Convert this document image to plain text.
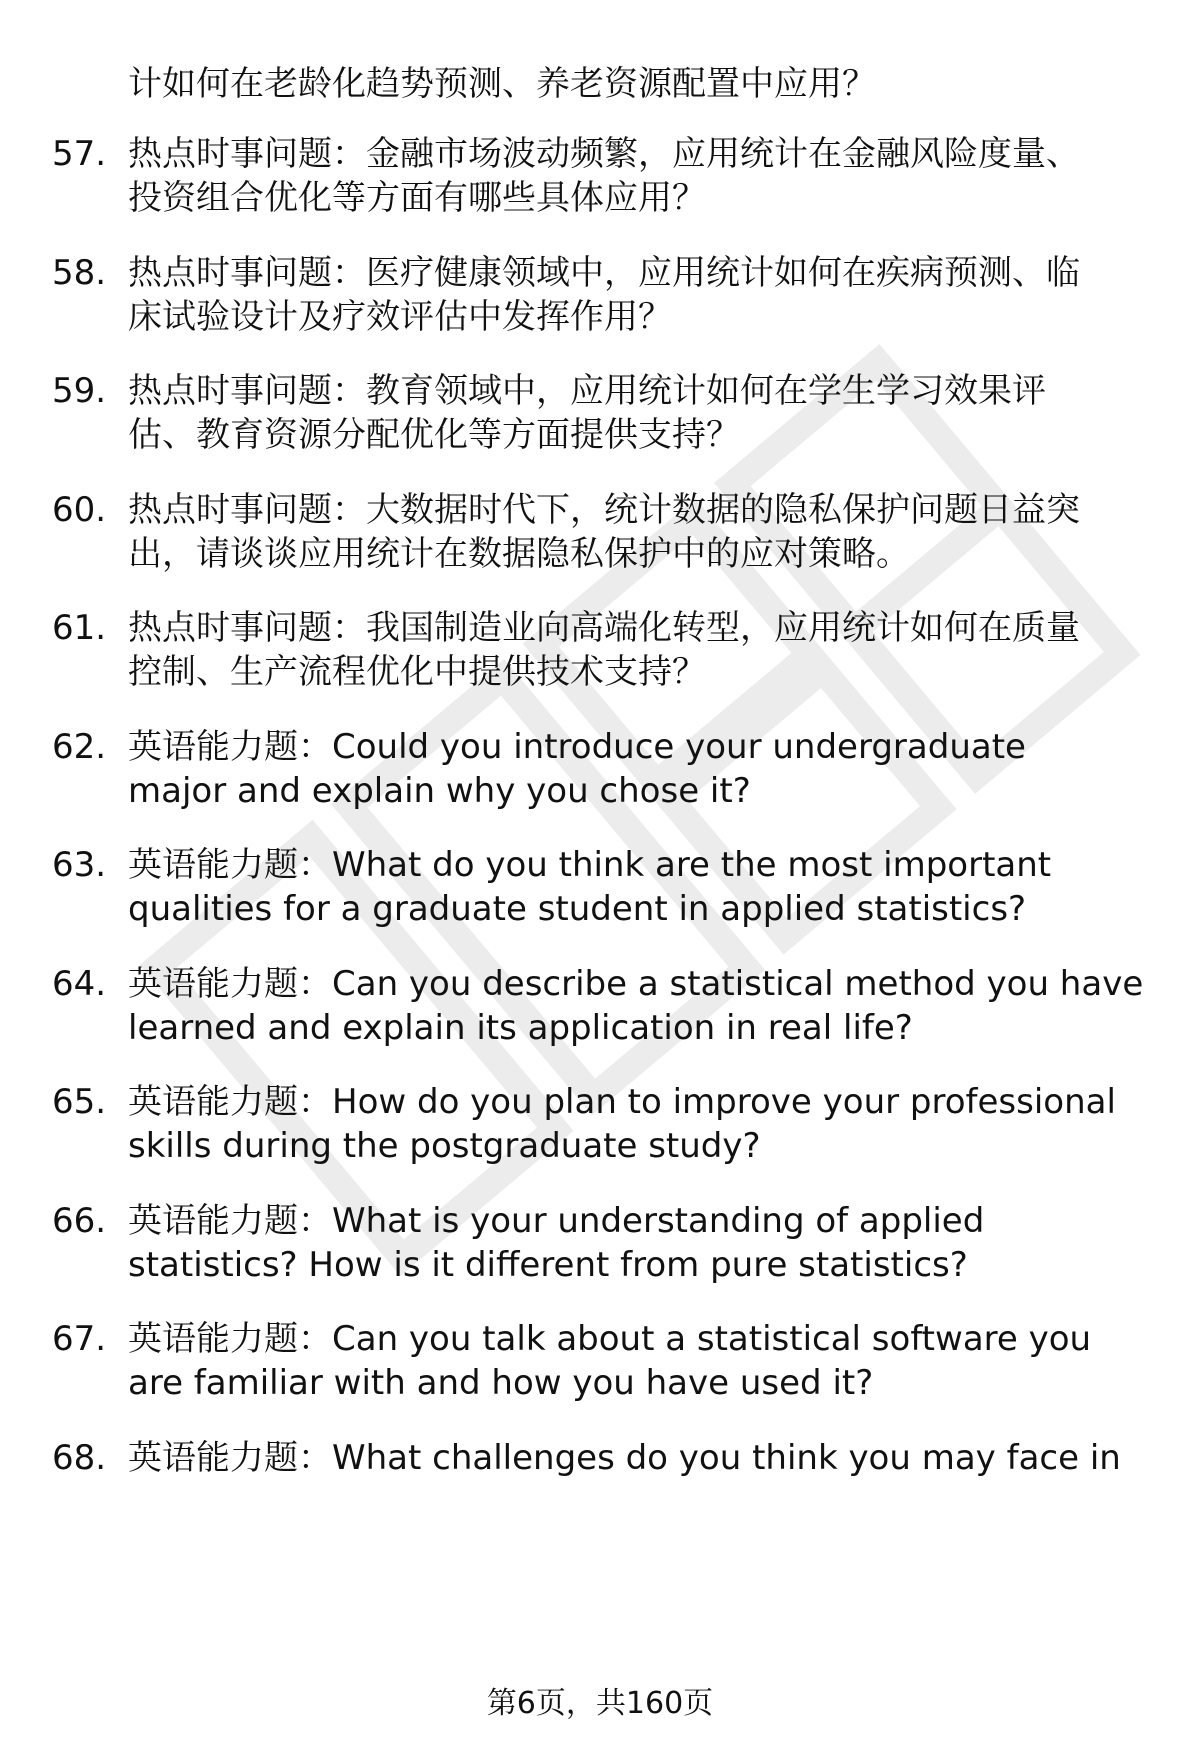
计如何在老龄化趋势预测、养老资源配置中应用？

57. 热点时事问题：金融市场波动频繁，应用统计在金融风险度量、

投资组合优化等方面有哪些具体应用？

58. 热点时事问题：医疗健康领域中，应用统计如何在疾病预测、临

床试验设计及疗效评估中发挥作用？

59. 热点时事问题：教育领域中，应用统计如何在学生学习效果评

估、教育资源分配优化等方面提供支持？

60. 热点时事问题：大数据时代下，统计数据的隐私保护问题日益突

出，请谈谈应用统计在数据隐私保护中的应对策略。

61. 热点时事问题：我国制造业向高端化转型，应用统计如何在质量

控制、生产流程优化中提供技术支持？

62. 英语能力题：Could you introduce your undergraduate

major and explain why you chose it?

63. 英语能力题：What do you think are the most important

qualities for a graduate student in applied statistics?

64. 英语能力题：Can you describe a statistical method you have

learned and explain its application in real life?

65. 英语能力题：How do you plan to improve your professional

skills during the postgraduate study?

66. 英语能力题：What is your understanding of applied

statistics? How is it different from pure statistics?

67. 英语能力题：Can you talk about a statistical software you

are familiar with and how you have used it?

68. 英语能力题：What challenges do you think you may face in

第6页，共160页
